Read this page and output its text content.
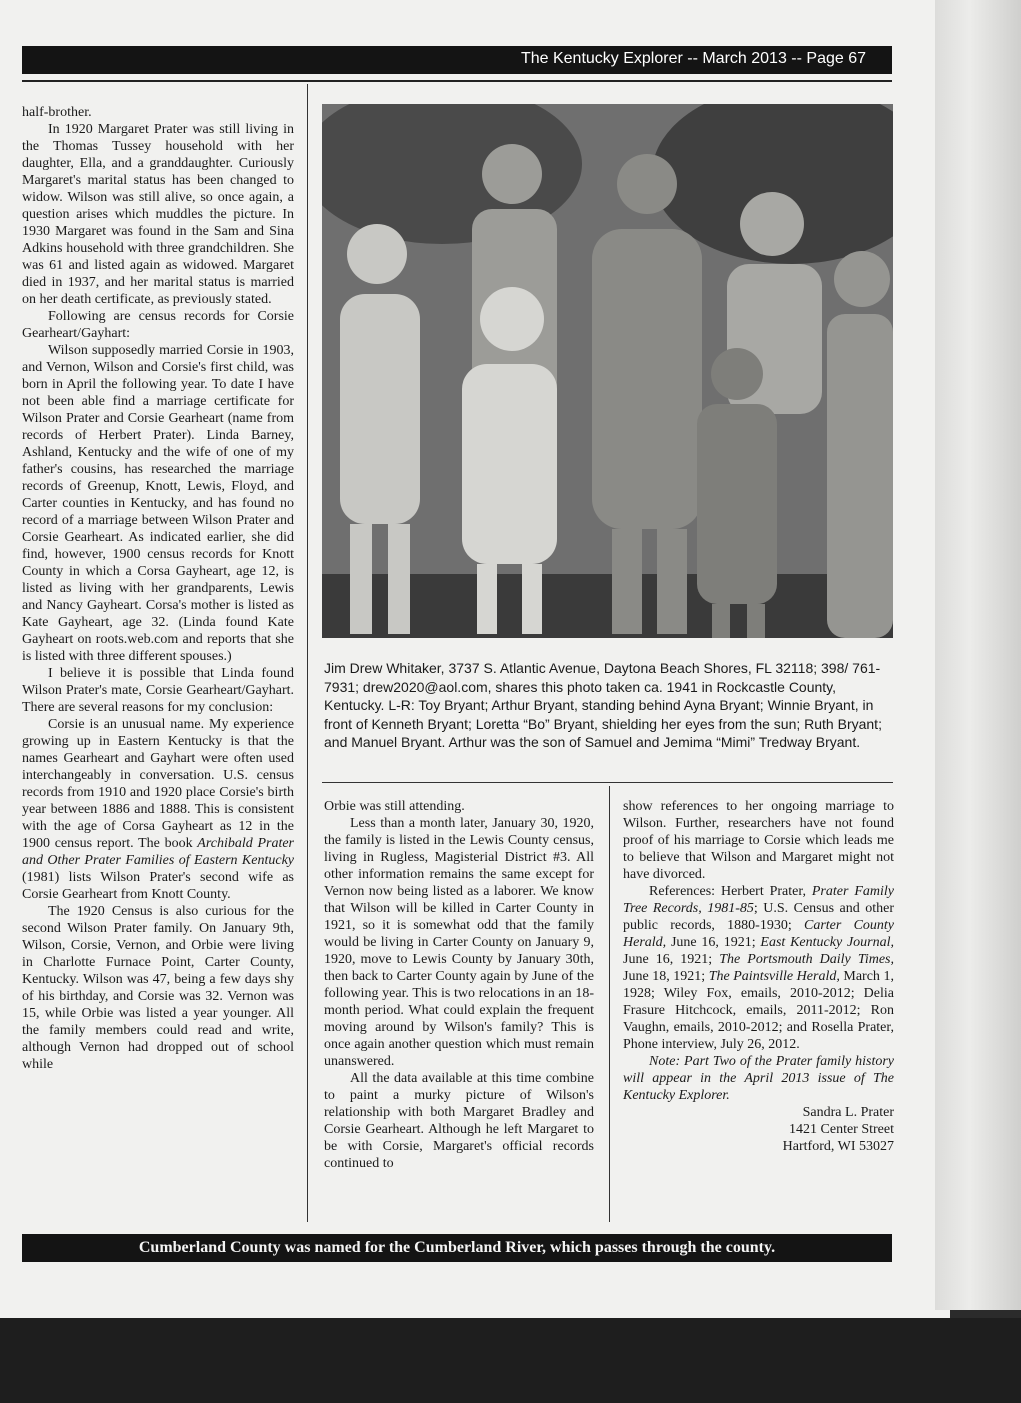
The Kentucky Explorer -- March 2013 -- Page 67

half-brother.

In 1920 Margaret Prater was still living in the Thomas Tussey household with her daughter, Ella, and a granddaughter. Curiously Margaret's marital status has been changed to widow. Wilson was still alive, so once again, a question arises which muddles the picture. In 1930 Margaret was found in the Sam and Sina Adkins household with three grandchildren. She was 61 and listed again as widowed. Margaret died in 1937, and her marital status is married on her death certificate, as previously stated.

Following are census records for Corsie Gearheart/Gayhart:

Wilson supposedly married Corsie in 1903, and Vernon, Wilson and Corsie's first child, was born in April the following year. To date I have not been able find a marriage certificate for Wilson Prater and Corsie Gearheart (name from records of Herbert Prater). Linda Barney, Ashland, Kentucky and the wife of one of my father's cousins, has researched the marriage records of Greenup, Knott, Lewis, Floyd, and Carter counties in Kentucky, and has found no record of a marriage between Wilson Prater and Corsie Gearheart. As indicated earlier, she did find, however, 1900 census records for Knott County in which a Corsa Gayheart, age 12, is listed as living with her grandparents, Lewis and Nancy Gayheart. Corsa's mother is listed as Kate Gayheart, age 32. (Linda found Kate Gayheart on roots.web.com and reports that she is listed with three different spouses.)

I believe it is possible that Linda found Wilson Prater's mate, Corsie Gearheart/Gayhart. There are several reasons for my conclusion:

Corsie is an unusual name. My experience growing up in Eastern Kentucky is that the names Gearheart and Gayhart were often used interchangeably in conversation. U.S. census records from 1910 and 1920 place Corsie's birth year between 1886 and 1888. This is consistent with the age of Corsa Gayheart as 12 in the 1900 census report. The book Archibald Prater and Other Prater Families of Eastern Kentucky (1981) lists Wilson Prater's second wife as Corsie Gearheart from Knott County.

The 1920 Census is also curious for the second Wilson Prater family. On January 9th, Wilson, Corsie, Vernon, and Orbie were living in Charlotte Furnace Point, Carter County, Kentucky. Wilson was 47, being a few days shy of his birthday, and Corsie was 32. Vernon was 15, while Orbie was listed a year younger. All the family members could read and write, although Vernon had dropped out of school while

Jim Drew Whitaker, 3737 S. Atlantic Avenue, Daytona Beach Shores, FL 32118; 398/ 761-7931; drew2020@aol.com, shares this photo taken ca. 1941 in Rockcastle County, Kentucky. L-R: Toy Bryant; Arthur Bryant, standing behind Ayna Bryant; Winnie Bryant, in front of Kenneth Bryant; Loretta “Bo” Bryant, shielding her eyes from the sun; Ruth Bryant; and Manuel Bryant. Arthur was the son of Samuel and Jemima “Mimi” Tredway Bryant.

Orbie was still attending.

Less than a month later, January 30, 1920, the family is listed in the Lewis County census, living in Rugless, Magisterial District #3. All other information remains the same except for Vernon now being listed as a laborer. We know that Wilson will be killed in Carter County in 1921, so it is somewhat odd that the family would be living in Carter County on January 9, 1920, move to Lewis County by January 30th, then back to Carter County again by June of the following year. This is two relocations in an 18-month period. What could explain the frequent moving around by Wilson's family? This is once again another question which must remain unanswered.

All the data available at this time combine to paint a murky picture of Wilson's relationship with both Margaret Bradley and Corsie Gearheart. Although he left Margaret to be with Corsie, Margaret's official records continued to

show references to her ongoing marriage to Wilson. Further, researchers have not found proof of his marriage to Corsie which leads me to believe that Wilson and Margaret might not have divorced.

References: Herbert Prater, Prater Family Tree Records, 1981-85; U.S. Census and other public records, 1880-1930; Carter County Herald, June 16, 1921; East Kentucky Journal, June 16, 1921; The Portsmouth Daily Times, June 18, 1921; The Paintsville Herald, March 1, 1928; Wiley Fox, emails, 2010-2012; Delia Frasure Hitchcock, emails, 2011-2012; Ron Vaughn, emails, 2010-2012; and Rosella Prater, Phone interview, July 26, 2012.

Note: Part Two of the Prater family history will appear in the April 2013 issue of The Kentucky Explorer.

Sandra L. Prater
1421 Center Street
Hartford, WI 53027
Cumberland County was named for the Cumberland River, which passes through the county.
